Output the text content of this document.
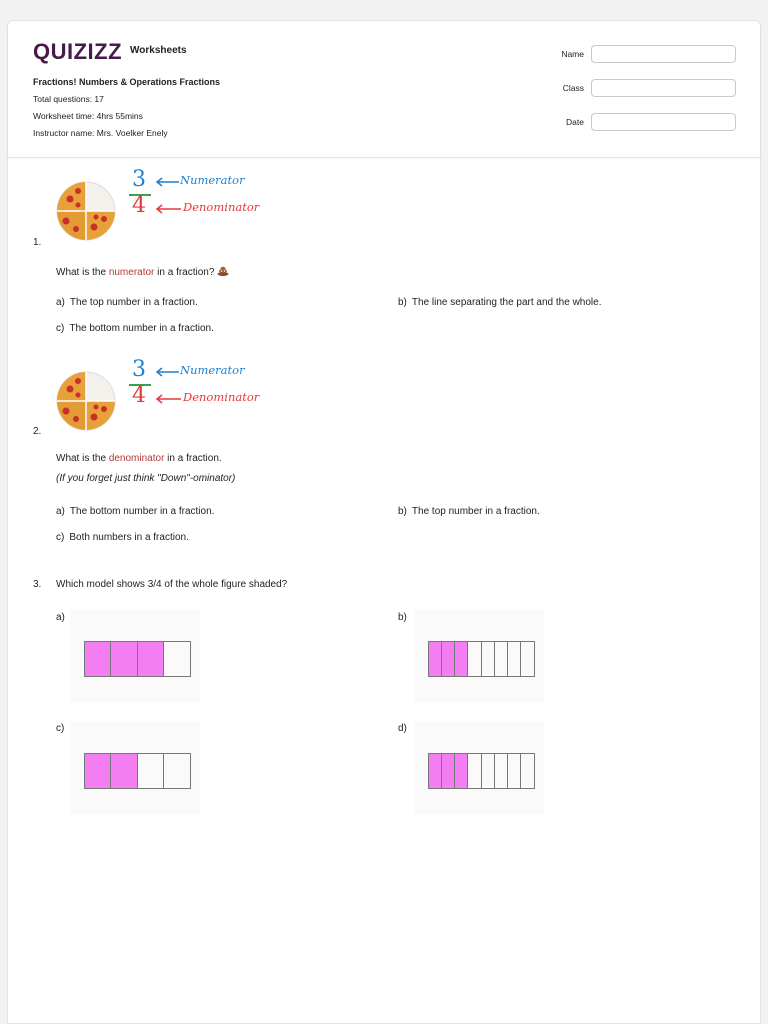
QUIZIZZ Worksheets
Fractions! Numbers & Operations Fractions
Total questions: 17
Worksheet time: 4hrs 55mins
Instructor name: Mrs. Voelker Enely
Name
Class
Date
3
4
Numerator
Denominator
1.
What is the numerator in a fraction?
a) The top number in a fraction.	b) The line separating the part and the whole.
c) The bottom number in a fraction.
3
4
Numerator
Denominator
2.
What is the denominator in a fraction.
(If you forget just think "Down"-ominator)
a) The bottom number in a fraction.	b) The top number in a fraction.
c) Both numbers in a fraction.
3. Which model shows 3/4 of the whole figure shaded?
a)	b)
c)	d)
